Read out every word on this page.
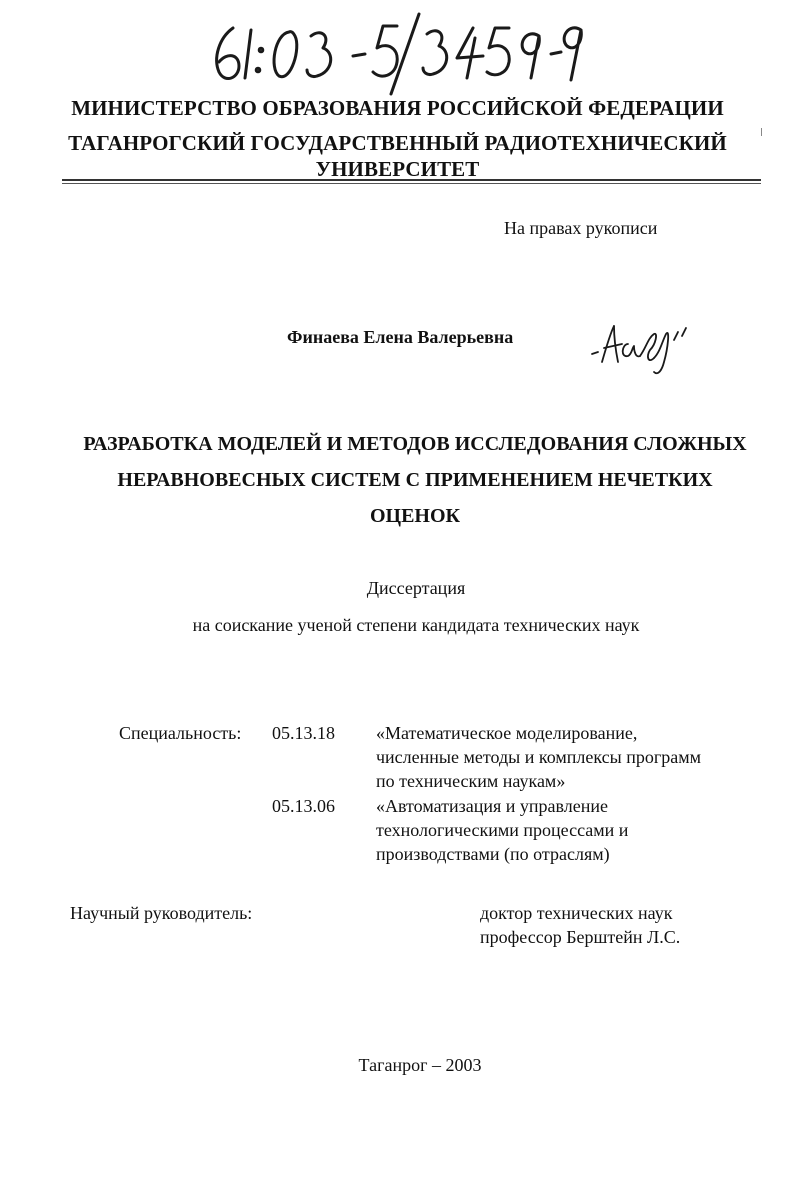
МИНИСТЕРСТВО ОБРАЗОВАНИЯ РОССИЙСКОЙ ФЕДЕРАЦИИ
ТАГАНРОГСКИЙ ГОСУДАРСТВЕННЫЙ РАДИОТЕХНИЧЕСКИЙ
УНИВЕРСИТЕТ
На правах рукописи
Финаева Елена Валерьевна
РАЗРАБОТКА МОДЕЛЕЙ И МЕТОДОВ ИССЛЕДОВАНИЯ СЛОЖНЫХ
НЕРАВНОВЕСНЫХ СИСТЕМ С ПРИМЕНЕНИЕМ НЕЧЕТКИХ
ОЦЕНОК
Диссертация
на соискание ученой степени кандидата технических наук
Специальность: 05.13.18 «Математическое моделирование,
численные методы и комплексы программ
по техническим наукам»
05.13.06 «Автоматизация и управление
технологическими процессами и
производствами (по отраслям)
Научный руководитель:	доктор технических наук
профессор Берштейн Л.С.
Таганрог – 2003
